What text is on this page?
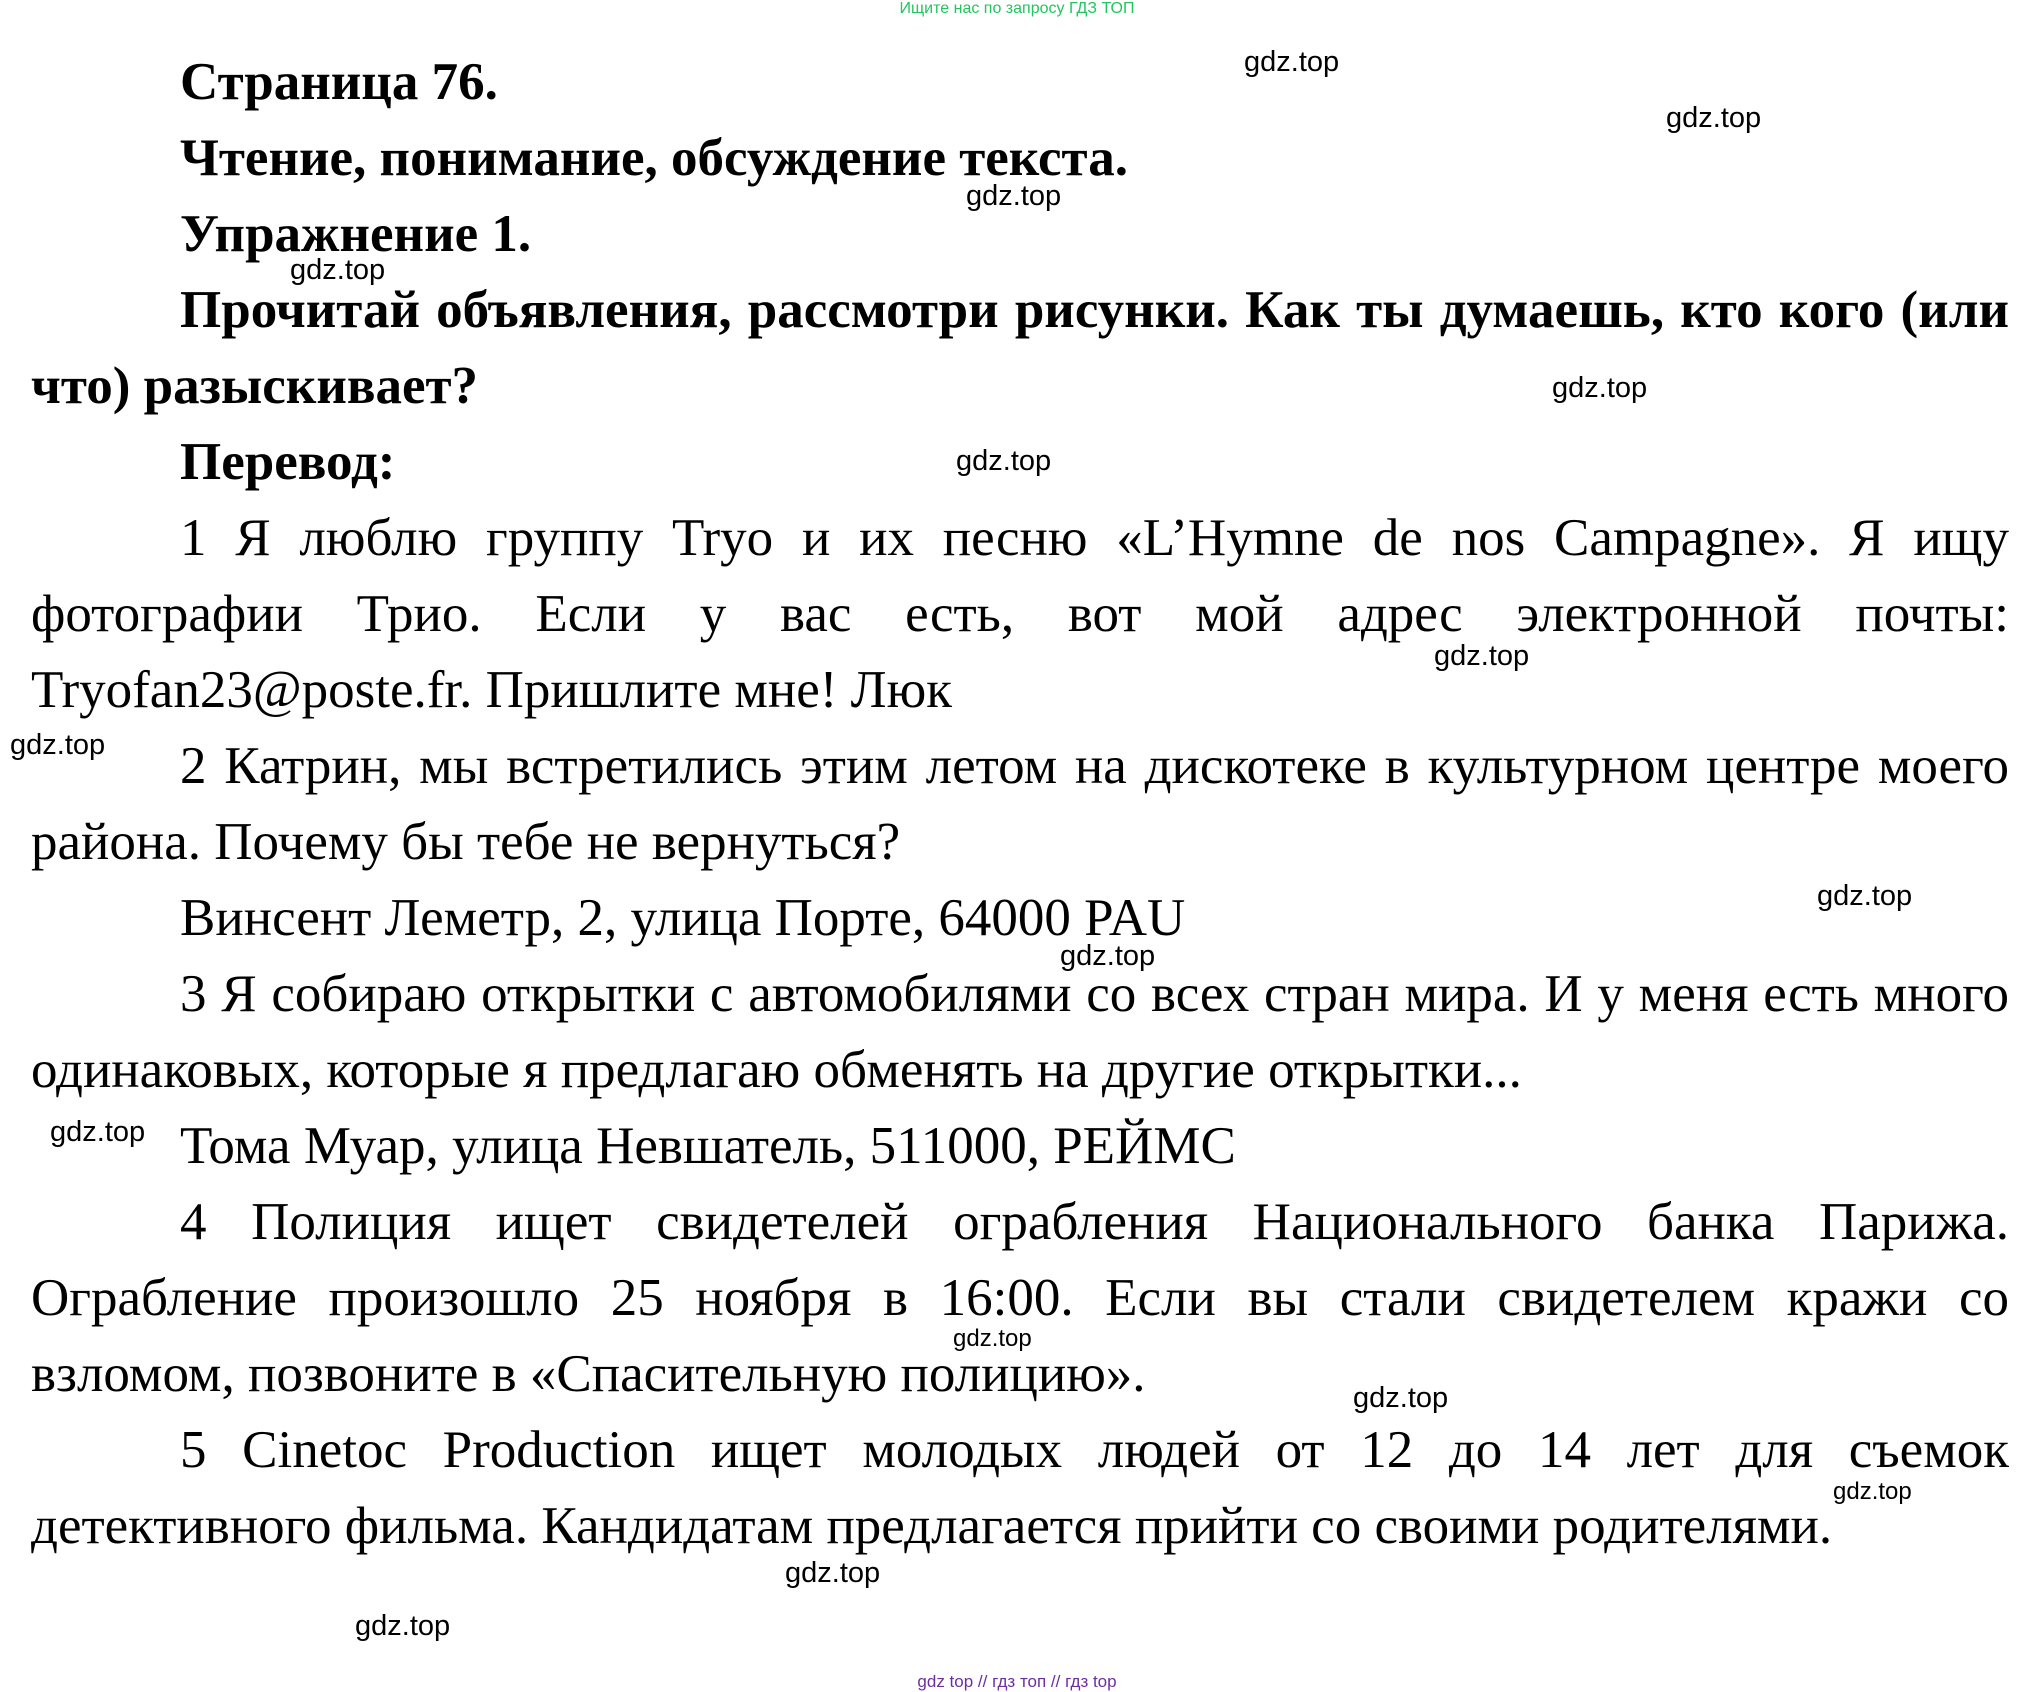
Ищите нас по запросу ГДЗ ТОП

Страница 76.

Чтение, понимание, обсуждение текста.

Упражнение 1.

Прочитай объявления, рассмотри рисунки. Как ты думаешь, кто кого (или что) разыскивает?

Перевод:

1 Я люблю группу Tryo и их песню «L’Hymne de nos Campagne». Я ищу фотографии Трио. Если у вас есть, вот мой адрес электронной почты: Tryofan23@poste.fr. Пришлите мне! Люк

2 Катрин, мы встретились этим летом на дискотеке в культурном центре моего района. Почему бы тебе не вернуться?

Винсент Леметр, 2, улица Порте, 64000 PAU

3 Я собираю открытки с автомобилями со всех стран мира. И у меня есть много одинаковых, которые я предлагаю обменять на другие открытки...

Тома Муар, улица Невшатель, 511000, РЕЙМС

4 Полиция ищет свидетелей ограбления Национального банка Парижа. Ограбление произошло 25 ноября в 16:00. Если вы стали свидетелем кражи со взломом, позвоните в «Спасительную полицию».

5 Cinetoc Production ищет молодых людей от 12 до 14 лет для съемок детективного фильма. Кандидатам предлагается прийти со своими родителями.

gdz.top
gdz.top
gdz.top
gdz.top
gdz.top
gdz.top
gdz.top
gdz.top
gdz.top
gdz.top
gdz.top
gdz.top
gdz.top
gdz.top
gdz.top
gdz.top
gdz top // гдз топ // гдз top
